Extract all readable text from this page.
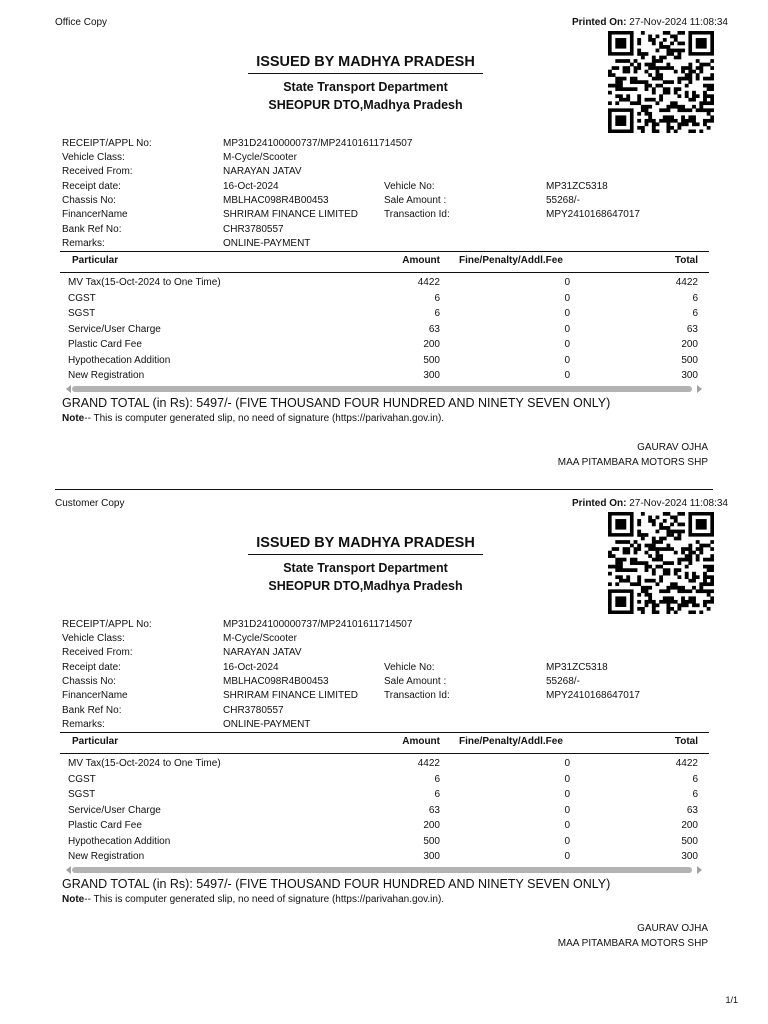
Office Copy	Printed On: 27-Nov-2024 11:08:34
ISSUED BY MADHYA PRADESH
State Transport Department
SHEOPUR DTO,Madhya Pradesh
RECEIPT/APPL No:	MP31D24100000737/MP24101611714507
Vehicle Class:	M-Cycle/Scooter
Received From:	NARAYAN JATAV
Receipt date:	16-Oct-2024	Vehicle No:	MP31ZC5318
Chassis No:	MBLHAC098R4B00453	Sale Amount :	55268/-
FinancerName	SHRIRAM FINANCE LIMITED	Transaction Id:	MPY2410168647017
Bank Ref No:	CHR3780557
Remarks:	ONLINE-PAYMENT
Particular	Amount Fine/Penalty/Addl.Fee	Total
MV Tax(15-Oct-2024 to One Time)	4422	0	4422
CGST	6	0	6
SGST	6	0	6
Service/User Charge	63	0	63
Plastic Card Fee	200	0	200
Hypothecation Addition	500	0	500
New Registration	300	0	300
GRAND TOTAL (in Rs): 5497/- (FIVE THOUSAND FOUR HUNDRED AND NINETY SEVEN ONLY)
Note-- This is computer generated slip, no need of signature (https://parivahan.gov.in).
GAURAV OJHA
MAA PITAMBARA MOTORS SHP
Customer Copy	Printed On: 27-Nov-2024 11:08:34
ISSUED BY MADHYA PRADESH
State Transport Department
SHEOPUR DTO,Madhya Pradesh
RECEIPT/APPL No:	MP31D24100000737/MP24101611714507
Vehicle Class:	M-Cycle/Scooter
Received From:	NARAYAN JATAV
Receipt date:	16-Oct-2024	Vehicle No:	MP31ZC5318
Chassis No:	MBLHAC098R4B00453	Sale Amount :	55268/-
FinancerName	SHRIRAM FINANCE LIMITED	Transaction Id:	MPY2410168647017
Bank Ref No:	CHR3780557
Remarks:	ONLINE-PAYMENT
Particular	Amount Fine/Penalty/Addl.Fee	Total
MV Tax(15-Oct-2024 to One Time)	4422	0	4422
CGST	6	0	6
SGST	6	0	6
Service/User Charge	63	0	63
Plastic Card Fee	200	0	200
Hypothecation Addition	500	0	500
New Registration	300	0	300
GRAND TOTAL (in Rs): 5497/- (FIVE THOUSAND FOUR HUNDRED AND NINETY SEVEN ONLY)
Note-- This is computer generated slip, no need of signature (https://parivahan.gov.in).
GAURAV OJHA
MAA PITAMBARA MOTORS SHP
1/1
